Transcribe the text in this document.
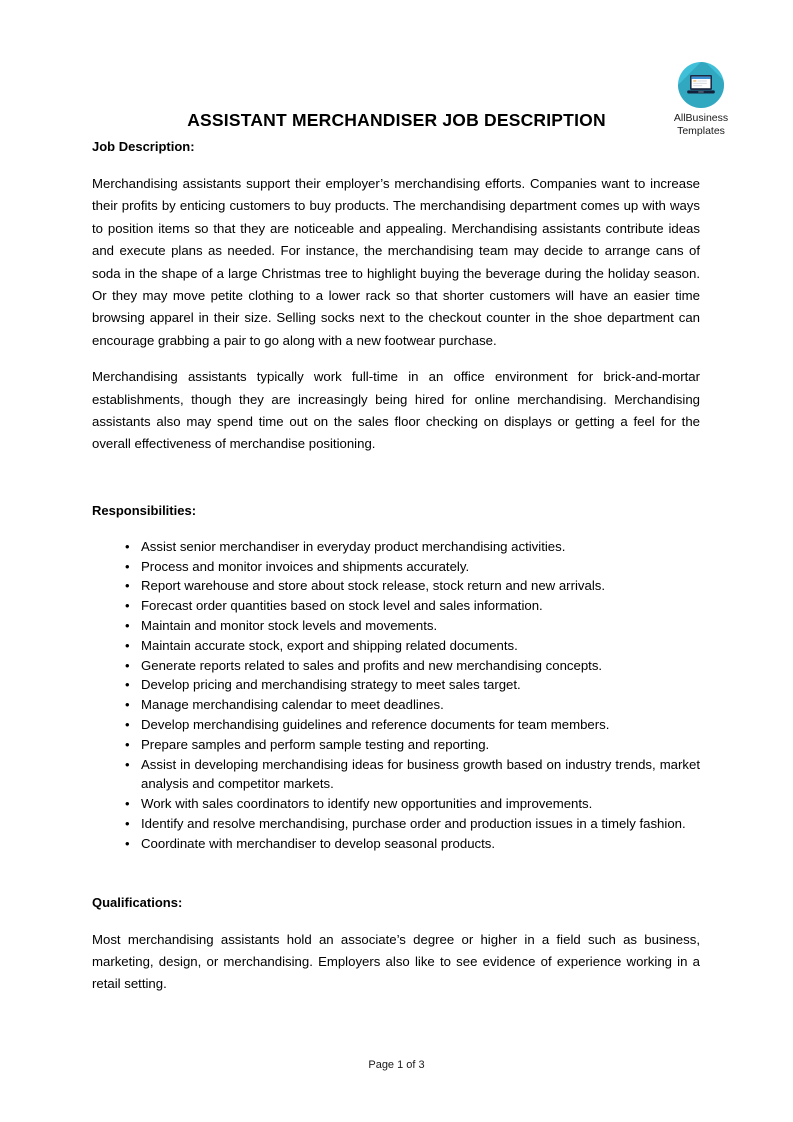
AllBusiness
Templates
ASSISTANT MERCHANDISER JOB DESCRIPTION
Job Description:

Merchandising assistants support their employer’s merchandising efforts. Companies want to increase their profits by enticing customers to buy products. The merchandising department comes up with ways to position items so that they are noticeable and appealing. Merchandising assistants contribute ideas and execute plans as needed. For instance, the merchandising team may decide to arrange cans of soda in the shape of a large Christmas tree to highlight buying the beverage during the holiday season. Or they may move petite clothing to a lower rack so that shorter customers will have an easier time browsing apparel in their size. Selling socks next to the checkout counter in the shoe department can encourage grabbing a pair to go along with a new footwear purchase.

Merchandising assistants typically work full-time in an office environment for brick-and-mortar establishments, though they are increasingly being hired for online merchandising. Merchandising assistants also may spend time out on the sales floor checking on displays or getting a feel for the overall effectiveness of merchandise positioning.

Responsibilities:
• Assist senior merchandiser in everyday product merchandising activities.
• Process and monitor invoices and shipments accurately.
• Report warehouse and store about stock release, stock return and new arrivals.
• Forecast order quantities based on stock level and sales information.
• Maintain and monitor stock levels and movements.
• Maintain accurate stock, export and shipping related documents.
• Generate reports related to sales and profits and new merchandising concepts.
• Develop pricing and merchandising strategy to meet sales target.
• Manage merchandising calendar to meet deadlines.
• Develop merchandising guidelines and reference documents for team members.
• Prepare samples and perform sample testing and reporting.
• Assist in developing merchandising ideas for business growth based on industry trends, market analysis and competitor markets.
• Work with sales coordinators to identify new opportunities and improvements.
• Identify and resolve merchandising, purchase order and production issues in a timely fashion.
• Coordinate with merchandiser to develop seasonal products.
Qualifications:

Most merchandising assistants hold an associate’s degree or higher in a field such as business, marketing, design, or merchandising. Employers also like to see evidence of experience working in a retail setting.

Page 1 of 3
